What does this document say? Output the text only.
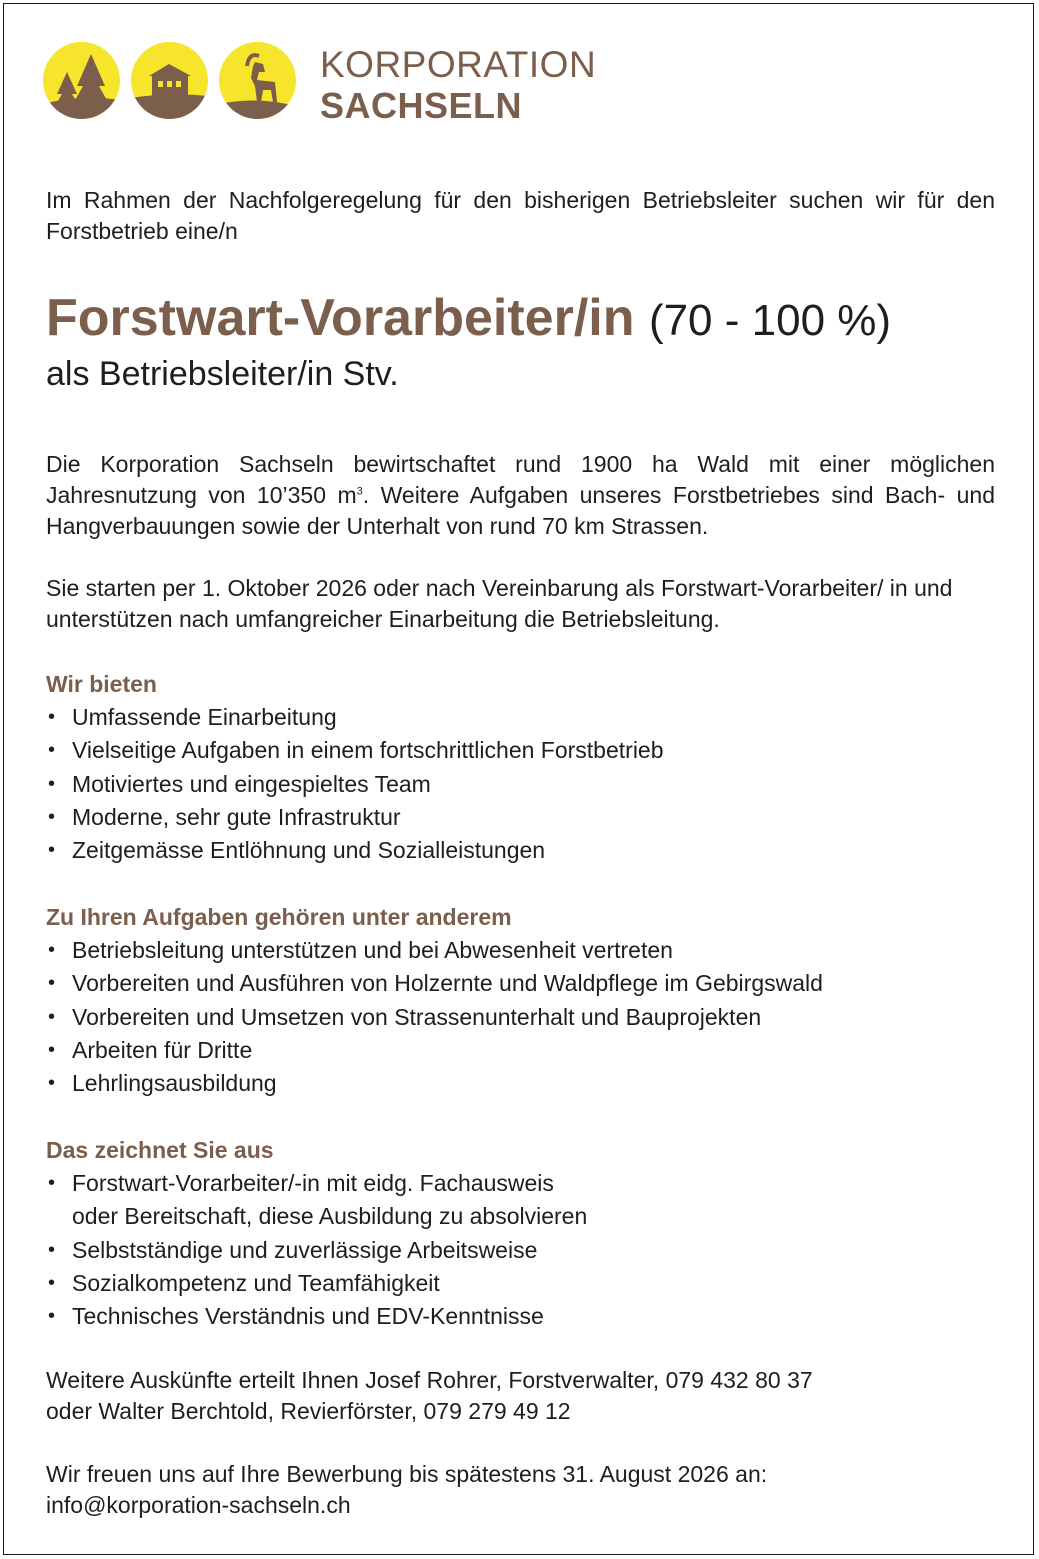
KORPORATION
SACHSELN

Im Rahmen der Nachfolgeregelung für den bisherigen Betriebsleiter suchen wir für den Forstbetrieb eine/n

Forstwart-Vorarbeiter/in (70 - 100 %)
als Betriebsleiter/in Stv.

Die Korporation Sachseln bewirtschaftet rund 1900 ha Wald mit einer möglichen Jahresnutzung von 10’350 $m^3$. Weitere Aufgaben unseres Forstbetriebes sind Bach- und Hangverbauungen sowie der Unterhalt von rund 70 km Strassen.

Sie starten per 1. Oktober 2026 oder nach Vereinbarung als Forstwart-Vorarbeiter/ in und unterstützen nach umfangreicher Einarbeitung die Betriebsleitung.

Wir bieten

• Umfassende Einarbeitung
• Vielseitige Aufgaben in einem fortschrittlichen Forstbetrieb
• Motiviertes und eingespieltes Team
• Moderne, sehr gute Infrastruktur
• Zeitgemässe Entlöhnung und Sozialleistungen

Zu Ihren Aufgaben gehören unter anderem

• Betriebsleitung unterstützen und bei Abwesenheit vertreten
• Vorbereiten und Ausführen von Holzernte und Waldpflege im Gebirgswald
• Vorbereiten und Umsetzen von Strassenunterhalt und Bauprojekten
• Arbeiten für Dritte
• Lehrlingsausbildung

Das zeichnet Sie aus

• Forstwart-Vorarbeiter/-in mit eidg. Fachausweis
oder Bereitschaft, diese Ausbildung zu absolvieren
• Selbstständige und zuverlässige Arbeitsweise
• Sozialkompetenz und Teamfähigkeit
• Technisches Verständnis und EDV-Kenntnisse

Weitere Auskünfte erteilt Ihnen Josef Rohrer, Forstverwalter, 079 432 80 37

oder Walter Berchtold, Revierförster, 079 279 49 12

Wir freuen uns auf Ihre Bewerbung bis spätestens 31. August 2026 an:

info@korporation-sachseln.ch
